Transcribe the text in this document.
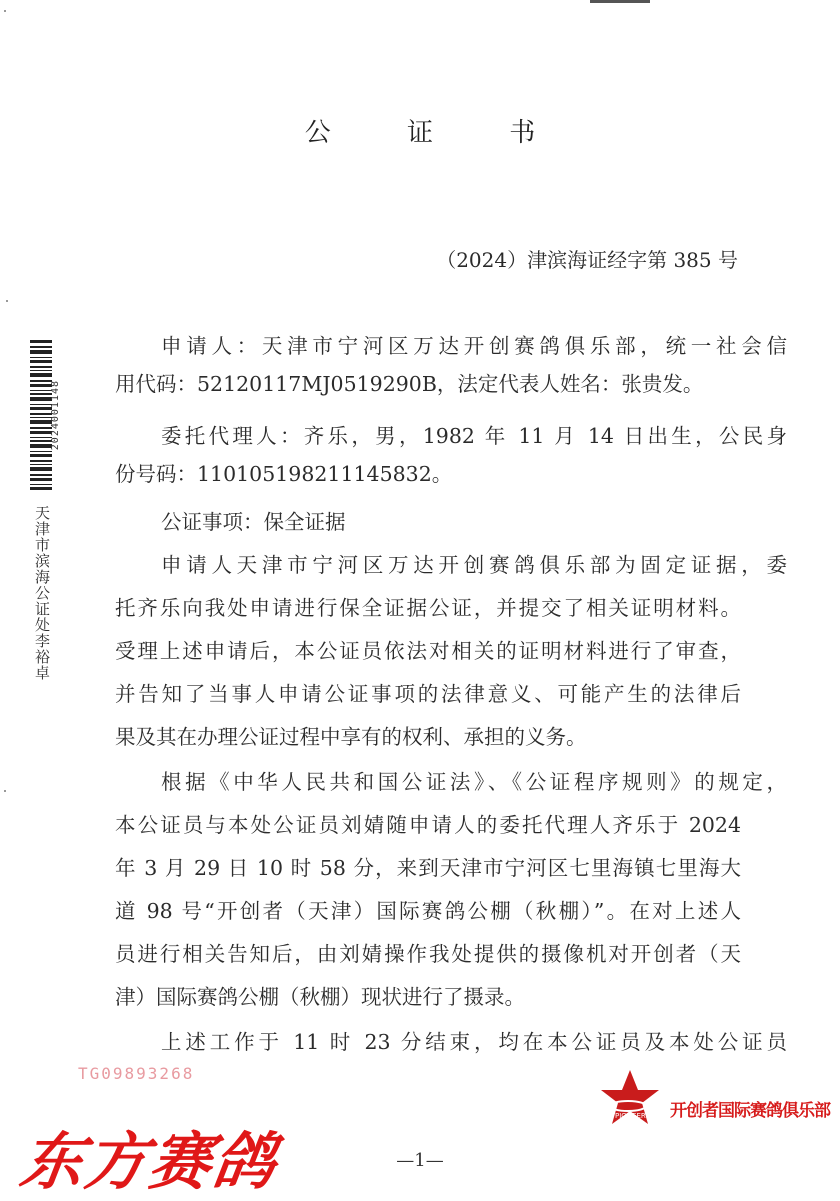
公 证 书
（2024）津滨海证经字第 385 号
申请人：天津市宁河区万达开创赛鸽俱乐部，统一社会信
用代码：52120117MJ0519290B，法定代表人姓名：张贵发。
委托代理人：齐乐，男，1982 年 11 月 14 日出生，公民身
份号码：110105198211145832。
公证事项：保全证据
申请人天津市宁河区万达开创赛鸽俱乐部为固定证据，委
托齐乐向我处申请进行保全证据公证，并提交了相关证明材料。
受理上述申请后，本公证员依法对相关的证明材料进行了审查，
并告知了当事人申请公证事项的法律意义、可能产生的法律后
果及其在办理公证过程中享有的权利、承担的义务。
根据《中华人民共和国公证法》、《公证程序规则》的规定，
本公证员与本处公证员刘婧随申请人的委托代理人齐乐于 2024
年 3 月 29 日 10 时 58 分，来到天津市宁河区七里海镇七里海大
道 98 号“开创者（天津）国际赛鸽公棚（秋棚）”。在对上述人
员进行相关告知后，由刘婧操作我处提供的摄像机对开创者（天
津）国际赛鸽公棚（秋棚）现状进行了摄录。
上述工作于 11 时 23 分结束，均在本公证员及本处公证员
2024001148
天津市滨海公证处李裕卓
TG09893268
PIONEER 开创者国际赛鸽俱乐部
—1—
东方赛鸽
